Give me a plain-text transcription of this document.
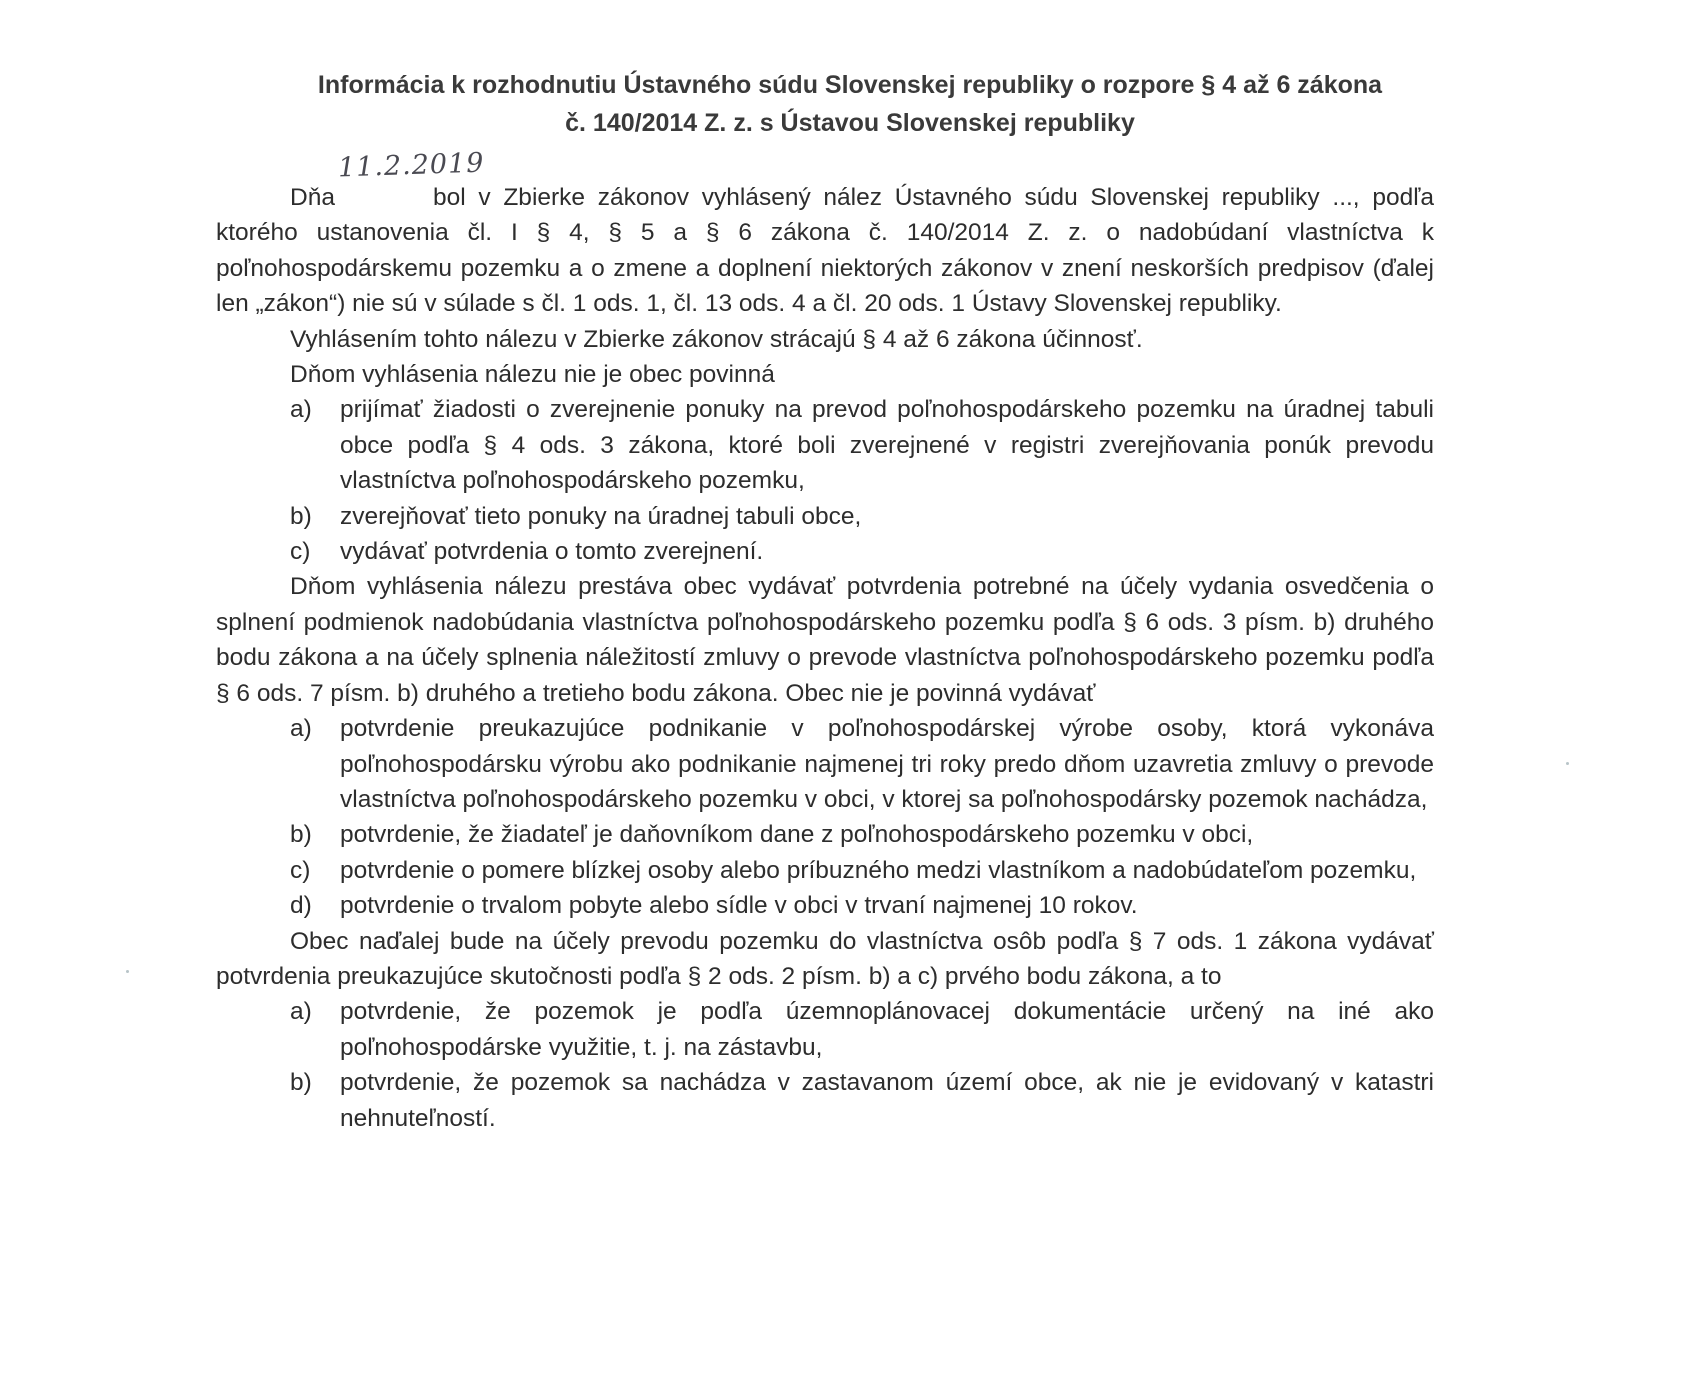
Informácia k rozhodnutiu Ústavného súdu Slovenskej republiky o rozpore § 4 až 6 zákona
č. 140/2014 Z. z. s Ústavou Slovenskej republiky
11.2.2019

Dňa	bol v Zbierke zákonov vyhlásený nález Ústavného súdu Slovenskej republiky ..., podľa ktorého ustanovenia čl. I § 4, § 5 a § 6 zákona č. 140/2014 Z. z. o nadobúdaní vlastníctva k poľnohospodárskemu pozemku a o zmene a doplnení niektorých zákonov v znení neskorších predpisov (ďalej len „zákon“) nie sú v súlade s čl. 1 ods. 1, čl. 13 ods. 4 a čl. 20 ods. 1 Ústavy Slovenskej republiky.

Vyhlásením tohto nálezu v Zbierke zákonov strácajú § 4 až 6 zákona účinnosť.

Dňom vyhlásenia nálezu nie je obec povinná

a) prijímať žiadosti o zverejnenie ponuky na prevod poľnohospodárskeho pozemku na úradnej tabuli obce podľa § 4 ods. 3 zákona, ktoré boli zverejnené v registri zverejňovania ponúk prevodu vlastníctva poľnohospodárskeho pozemku,
b) zverejňovať tieto ponuky na úradnej tabuli obce,
c) vydávať potvrdenia o tomto zverejnení.

Dňom vyhlásenia nálezu prestáva obec vydávať potvrdenia potrebné na účely vydania osvedčenia o splnení podmienok nadobúdania vlastníctva poľnohospodárskeho pozemku podľa § 6 ods. 3 písm. b) druhého bodu zákona a na účely splnenia náležitostí zmluvy o prevode vlastníctva poľnohospodárskeho pozemku podľa § 6 ods. 7 písm. b) druhého a tretieho bodu zákona. Obec nie je povinná vydávať

a) potvrdenie preukazujúce podnikanie v poľnohospodárskej výrobe osoby, ktorá vykonáva poľnohospodársku výrobu ako podnikanie najmenej tri roky predo dňom uzavretia zmluvy o prevode vlastníctva poľnohospodárskeho pozemku v obci, v ktorej sa poľnohospodársky pozemok nachádza,
b) potvrdenie, že žiadateľ je daňovníkom dane z poľnohospodárskeho pozemku v obci,
c) potvrdenie o pomere blízkej osoby alebo príbuzného medzi vlastníkom a nadobúdateľom pozemku,
d) potvrdenie o trvalom pobyte alebo sídle v obci v trvaní najmenej 10 rokov.

Obec naďalej bude na účely prevodu pozemku do vlastníctva osôb podľa § 7 ods. 1 zákona vydávať potvrdenia preukazujúce skutočnosti podľa § 2 ods. 2 písm. b) a c) prvého bodu zákona, a to

a) potvrdenie, že pozemok je podľa územnoplánovacej dokumentácie určený na iné ako poľnohospodárske využitie, t. j. na zástavbu,
b) potvrdenie, že pozemok sa nachádza v zastavanom území obce, ak nie je evidovaný v katastri nehnuteľností.
